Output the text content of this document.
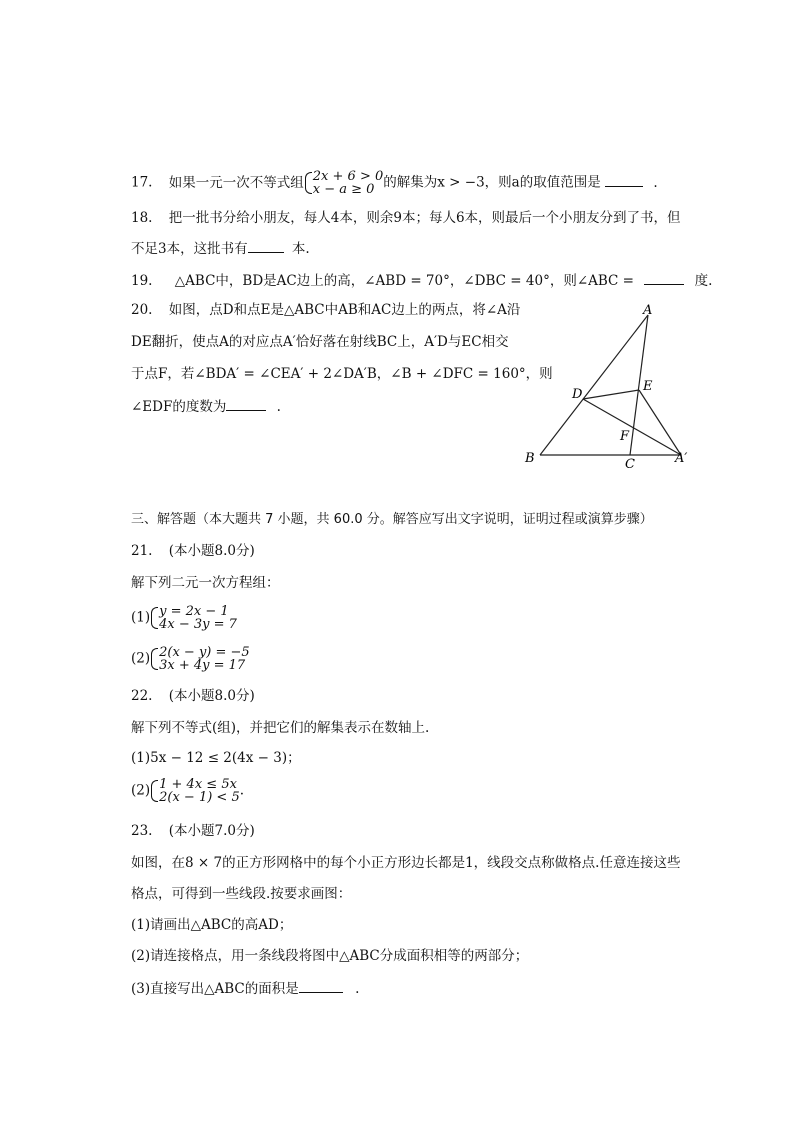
17. 如果一元一次不等式组 2x + 6 > 0
x − a ≥ 0 的解集为x > −3，则a的取值范围是	.
18. 把一批书分给小朋友，每人4本，则余9本；每人6本，则最后一个小朋友分到了书，但
不足3本，这批书有	本.
19. △ABC中，BD是AC边上的高，∠ABD = 70°，∠DBC = 40°，则∠ABC =	度.
20. 如图，点D和点E是△ABC中AB和AC边上的两点，将∠A沿
DE翻折，使点A的对应点A′恰好落在射线BC上，A′D与EC相交
于点F，若∠BDA′ = ∠CEA′ + 2∠DA′B，∠B + ∠DFC = 160°，则
∠EDF的度数为	.
A
B	C
D
E
F
A′
三、解答题（本大题共 7 小题，共 60.0 分。解答应写出文字说明，证明过程或演算步骤）
21. (本小题8.0分)
解下列二元一次方程组：
(1) y = 2x − 1
4x − 3y = 7
(2) 2(x − y) = −5
3x + 4y = 17
22. (本小题8.0分)
解下列不等式(组)，并把它们的解集表示在数轴上.
(1)5x − 12 ≤ 2(4x − 3)；
(2) 1 + 4x ≤ 5x
2(x − 1) < 5 .
23. (本小题7.0分)
如图，在8 × 7的正方形网格中的每个小正方形边长都是1，线段交点称做格点.任意连接这些
格点，可得到一些线段.按要求画图：
(1)请画出△ABC的高AD；
(2)请连接格点，用一条线段将图中△ABC分成面积相等的两部分；
(3)直接写出△ABC的面积是	.
